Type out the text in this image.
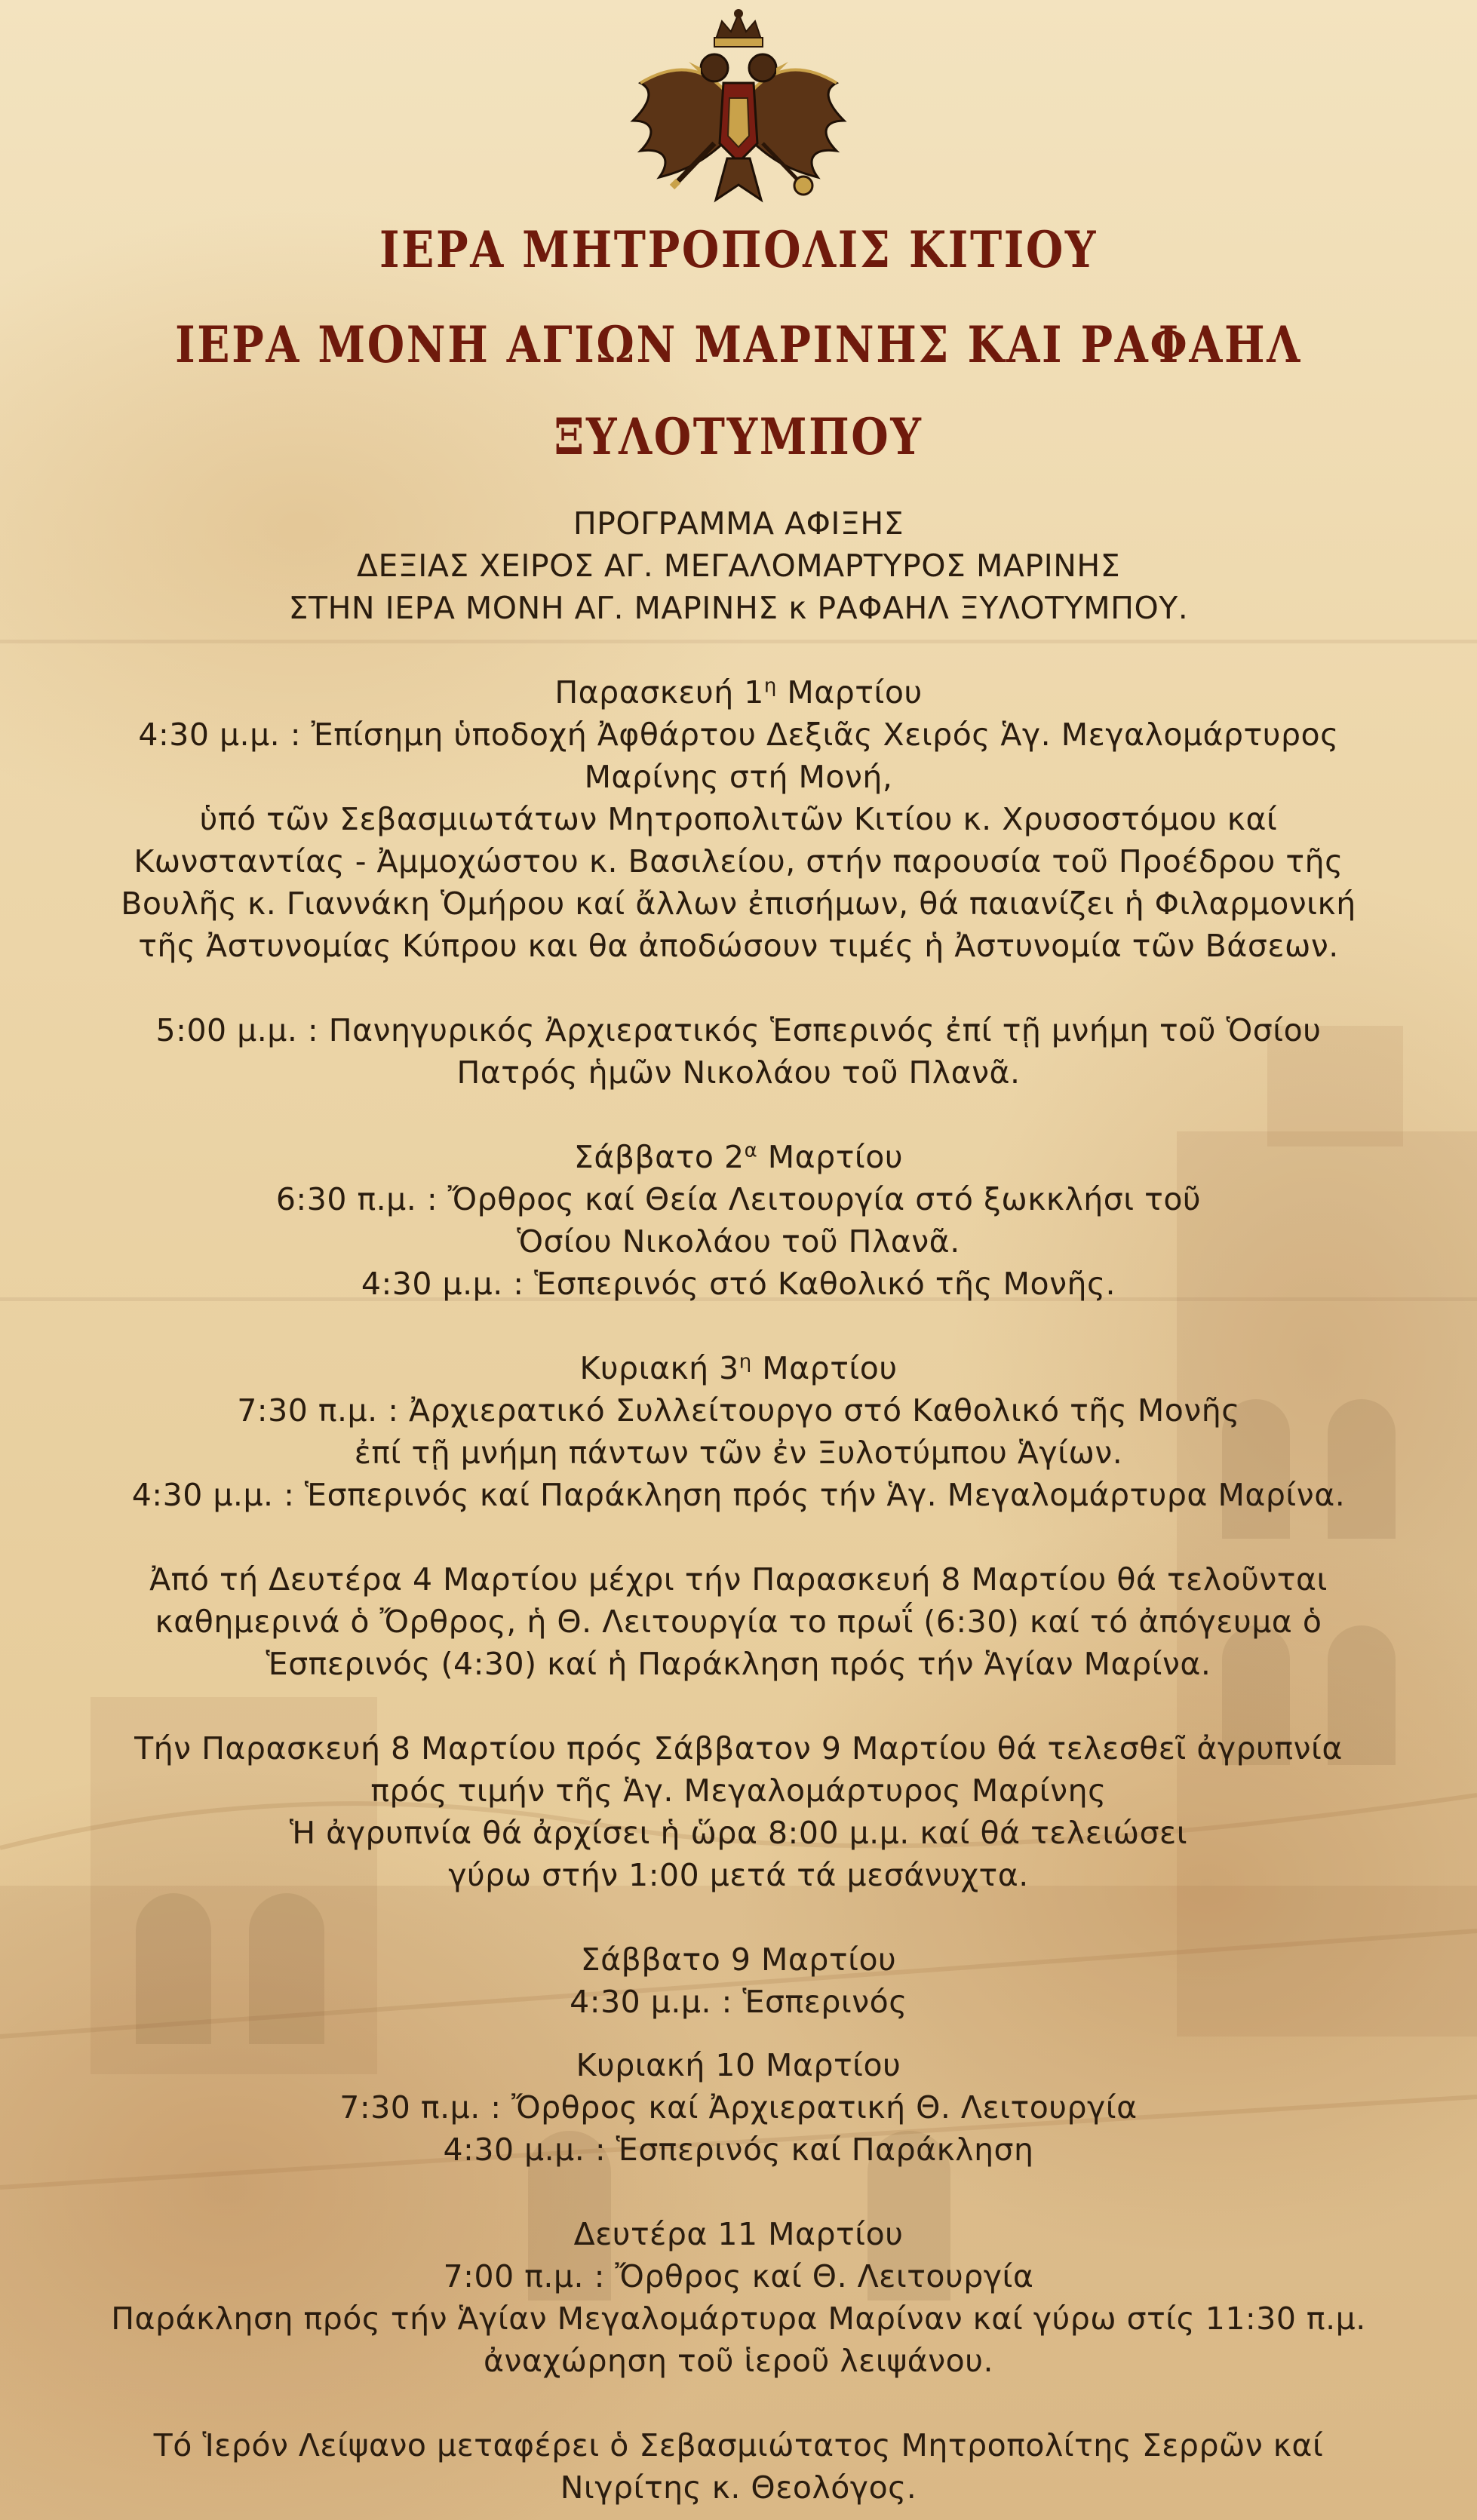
ΙΕΡΑ ΜΗΤΡΟΠΟΛΙΣ ΚΙΤΙΟΥ
ΙΕΡΑ ΜΟΝΗ ΑΓΙΩΝ ΜΑΡΙΝΗΣ ΚΑΙ ΡΑΦΑΗΛ
ΞΥΛΟΤΥΜΠΟΥ

ΠΡΟΓΡΑΜΜΑ ΑΦΙΞΗΣ

ΔΕΞΙΑΣ ΧΕΙΡΟΣ ΑΓ. ΜΕΓΑΛΟΜΑΡΤΥΡΟΣ ΜΑΡΙΝΗΣ

ΣΤΗΝ ΙΕΡΑ ΜΟΝΗ ΑΓ. ΜΑΡΙΝΗΣ κ ΡΑΦΑΗΛ ΞΥΛΟΤΥΜΠΟΥ.

Παρασκευή $1^\eta$ Μαρτίου

4:30 μ.μ. : Ἐπίσημη ὑποδοχή Ἀφθάρτου Δεξιᾶς Χειρός Ἁγ. Μεγαλομάρτυρος

Μαρίνης στή Μονή,

ὑπό τῶν Σεβασμιωτάτων Μητροπολιτῶν Κιτίου κ. Χρυσοστόμου καί

Κωνσταντίας - Ἀμμοχώστου κ. Βασιλείου, στήν παρουσία τοῦ Προέδρου τῆς

Βουλῆς κ. Γιαννάκη Ὁμήρου καί ἄλλων ἐπισήμων, θά παιανίζει ἡ Φιλαρμονική

τῆς Ἀστυνομίας Κύπρου και θα ἀποδώσουν τιμές ἡ Ἀστυνομία τῶν Βάσεων.

5:00 μ.μ. : Πανηγυρικός Ἀρχιερατικός Ἑσπερινός ἐπί τῇ μνήμη τοῦ Ὁσίου

Πατρός ἡμῶν Νικολάου τοῦ Πλανᾶ.

Σάββατο $2^\alpha$ Μαρτίου

6:30 π.μ. : Ὄρθρος καί Θεία Λειτουργία στό ξωκκλήσι τοῦ

Ὁσίου Νικολάου τοῦ Πλανᾶ.

4:30 μ.μ. : Ἑσπερινός στό Καθολικό τῆς Μονῆς.

Κυριακή $3^\eta$ Μαρτίου

7:30 π.μ. : Ἀρχιερατικό Συλλείτουργο στό Καθολικό τῆς Μονῆς

ἐπί τῇ μνήμη πάντων τῶν ἐν Ξυλοτύμπου Ἁγίων.

4:30 μ.μ. : Ἑσπερινός καί Παράκληση πρός τήν Ἁγ. Μεγαλομάρτυρα Μαρίνα.

Ἀπό τή Δευτέρα 4 Μαρτίου μέχρι τήν Παρασκευή 8 Μαρτίου θά τελοῦνται

καθημερινά ὁ Ὄρθρος, ἡ Θ. Λειτουργία το πρωΐ (6:30) καί τό ἀπόγευμα ὁ

Ἑσπερινός (4:30) καί ἡ Παράκληση πρός τήν Ἁγίαν Μαρίνα.

Τήν Παρασκευή 8 Μαρτίου πρός Σάββατον 9 Μαρτίου θά τελεσθεῖ ἀγρυπνία

πρός τιμήν τῆς Ἁγ. Μεγαλομάρτυρος Μαρίνης

Ἡ ἀγρυπνία θά ἀρχίσει ἡ ὥρα 8:00 μ.μ. καί θά τελειώσει

γύρω στήν 1:00 μετά τά μεσάνυχτα.

Σάββατο 9 Μαρτίου

4:30 μ.μ. : Ἑσπερινός

Κυριακή 10 Μαρτίου

7:30 π.μ. : Ὄρθρος καί Ἀρχιερατική Θ. Λειτουργία

4:30 μ.μ. : Ἑσπερινός καί Παράκληση

Δευτέρα 11 Μαρτίου

7:00 π.μ. : Ὄρθρος καί Θ. Λειτουργία

Παράκληση πρός τήν Ἁγίαν Μεγαλομάρτυρα Μαρίναν καί γύρω στίς 11:30 π.μ.

ἀναχώρηση τοῦ ἱεροῦ λειψάνου.

Τό Ἱερόν Λείψανο μεταφέρει ὁ Σεβασμιώτατος Μητροπολίτης Σερρῶν καί

Νιγρίτης κ. Θεολόγος.
